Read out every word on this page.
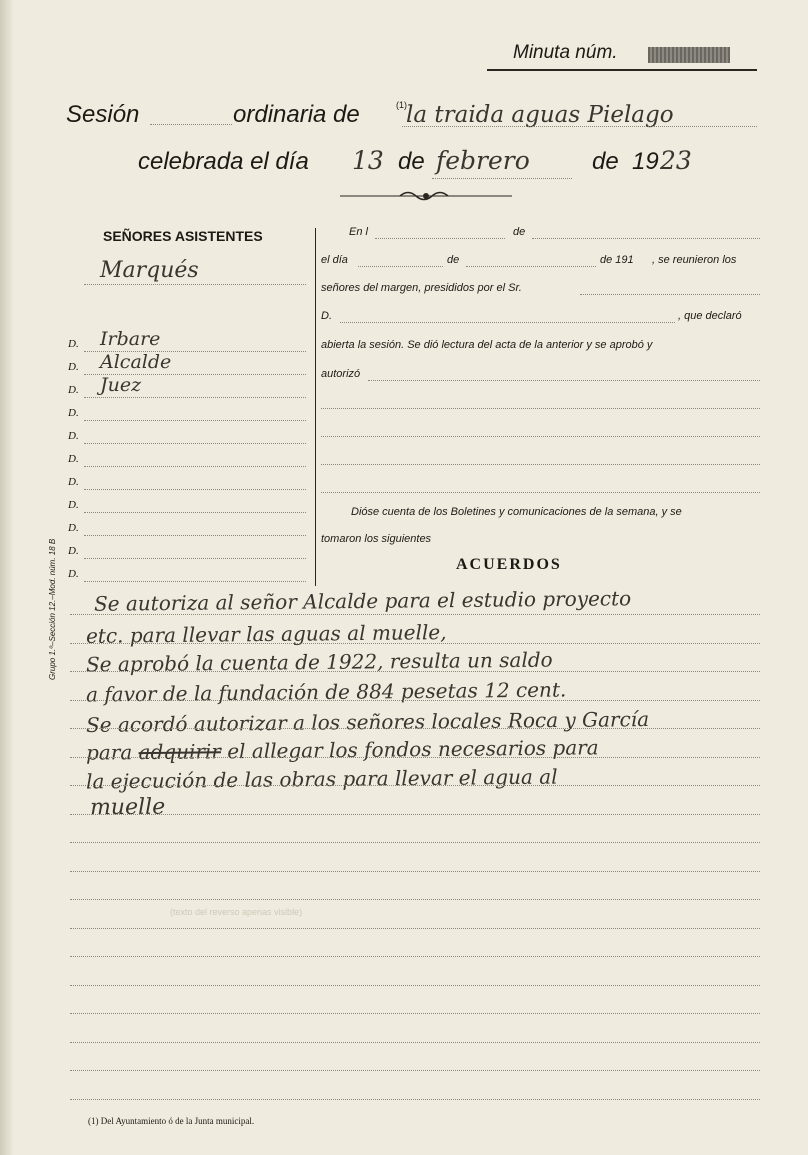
Minuta núm.
Sesión	ordinaria de	(1) la traida aguas Pielago
celebrada el día 13 de febrero	de 19 23
SEÑORES ASISTENTES
Marqués
D. Irbare
D. Alcalde
D. Juez
D.
D.
D.
D.
D.
D.
D.
D.
En l	de
el día	de	de 191 , se reunieron los
señores del margen, presididos por el Sr.
D.	, que declaró
abierta la sesión. Se dió lectura del acta de la anterior y se aprobó y
autorizó
Dióse cuenta de los Boletines y comunicaciones de la semana, y se
tomaron los siguientes
ACUERDOS
Grupo 1.º–Sección 12.–Mod. núm. 18 B Se autoriza al señor Alcalde para el estudio proyecto
etc. para llevar las aguas al muelle,
Se aprobó la cuenta de 1922, resulta un saldo
a favor de la fundación de 884 pesetas 12 cent.
Se acordó autorizar a los señores locales Roca y García
para adquirir el allegar los fondos necesarios para
la ejecución de las obras para llevar el agua al
muelle
(texto del reverso apenas visible)
(1) Del Ayuntamiento ó de la Junta municipal.
